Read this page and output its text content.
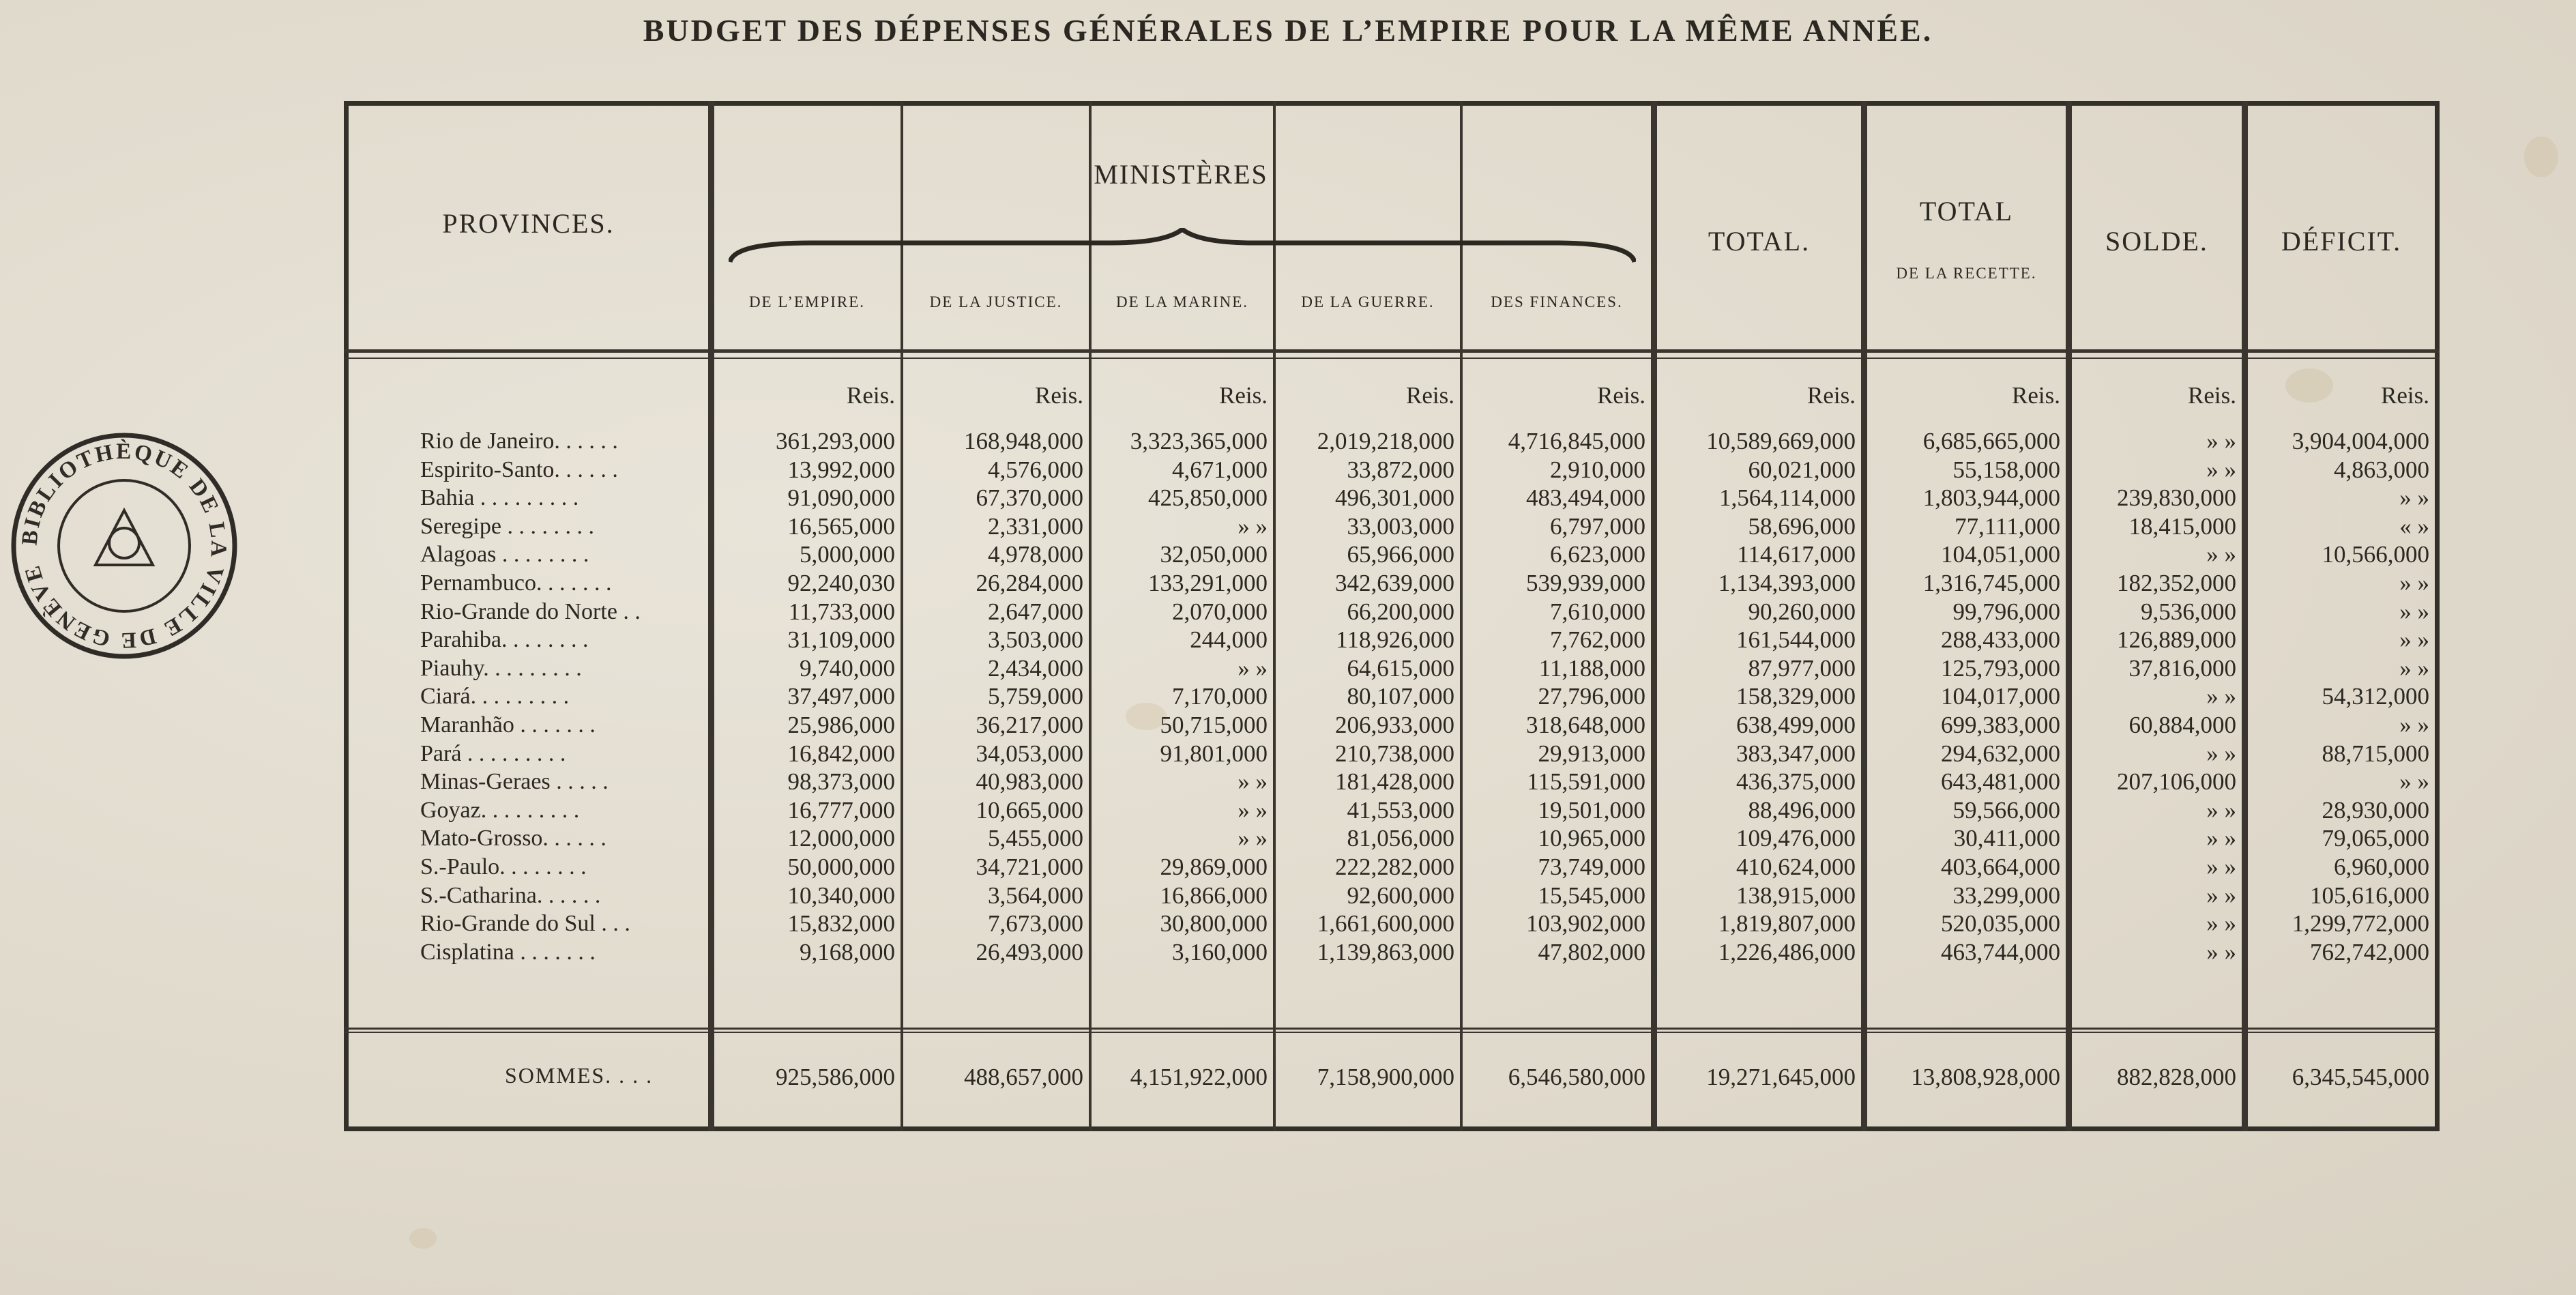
BUDGET DES DÉPENSES GÉNÉRALES DE L’EMPIRE POUR LA MÊME ANNÉE.
BIBLIOTHÈQUE DE LA VILLE DE GENÈVE
PROVINCES.
MINISTÈRES
DE L’EMPIRE.	DE LA JUSTICE.	DE LA MARINE.	DE LA GUERRE.	DES FINANCES.
TOTAL.
TOTAL
DE LA RECETTE.
SOLDE.	DÉFICIT.
Reis.	Reis.	Reis.	Reis.	Reis.	Reis.	Reis.	Reis.	Reis.
Rio de Janeiro. . . . . .	361,293,000	168,948,000	3,323,365,000	2,019,218,000	4,716,845,000	10,589,669,000	6,685,665,000	» »	3,904,004,000
Espirito-Santo. . . . . .	13,992,000	4,576,000	4,671,000	33,872,000	2,910,000	60,021,000	55,158,000	» »	4,863,000
Bahia . . . . . . . . .	91,090,000	67,370,000	425,850,000	496,301,000	483,494,000	1,564,114,000	1,803,944,000	239,830,000	» »
Seregipe . . . . . . . .	16,565,000	2,331,000	» »	33,003,000	6,797,000	58,696,000	77,111,000	18,415,000	« »
Alagoas . . . . . . . .	5,000,000	4,978,000	32,050,000	65,966,000	6,623,000	114,617,000	104,051,000	» »	10,566,000
Pernambuco. . . . . . .	92,240,030	26,284,000	133,291,000	342,639,000	539,939,000	1,134,393,000	1,316,745,000	182,352,000	» »
Rio-Grande do Norte . .	11,733,000	2,647,000	2,070,000	66,200,000	7,610,000	90,260,000	99,796,000	9,536,000	» »
Parahiba. . . . . . . .	31,109,000	3,503,000	244,000	118,926,000	7,762,000	161,544,000	288,433,000	126,889,000	» »
Piauhy. . . . . . . . .	9,740,000	2,434,000	» »	64,615,000	11,188,000	87,977,000	125,793,000	37,816,000	» »
Ciará. . . . . . . . .	37,497,000	5,759,000	7,170,000	80,107,000	27,796,000	158,329,000	104,017,000	» »	54,312,000
Maranhão . . . . . . .	25,986,000	36,217,000	50,715,000	206,933,000	318,648,000	638,499,000	699,383,000	60,884,000	» »
Pará . . . . . . . . .	16,842,000	34,053,000	91,801,000	210,738,000	29,913,000	383,347,000	294,632,000	» »	88,715,000
Minas-Geraes . . . . .	98,373,000	40,983,000	» »	181,428,000	115,591,000	436,375,000	643,481,000	207,106,000	» »
Goyaz. . . . . . . . .	16,777,000	10,665,000	» »	41,553,000	19,501,000	88,496,000	59,566,000	» »	28,930,000
Mato-Grosso. . . . . .	12,000,000	5,455,000	» »	81,056,000	10,965,000	109,476,000	30,411,000	» »	79,065,000
S.-Paulo. . . . . . . .	50,000,000	34,721,000	29,869,000	222,282,000	73,749,000	410,624,000	403,664,000	» »	6,960,000
S.-Catharina. . . . . .	10,340,000	3,564,000	16,866,000	92,600,000	15,545,000	138,915,000	33,299,000	» »	105,616,000
Rio-Grande do Sul . . .	15,832,000	7,673,000	30,800,000	1,661,600,000	103,902,000	1,819,807,000	520,035,000	» »	1,299,772,000
Cisplatina . . . . . . .	9,168,000	26,493,000	3,160,000	1,139,863,000	47,802,000	1,226,486,000	463,744,000	» »	762,742,000
SOMMES. . . .	925,586,000	488,657,000	4,151,922,000	7,158,900,000	6,546,580,000	19,271,645,000	13,808,928,000	882,828,000	6,345,545,000
